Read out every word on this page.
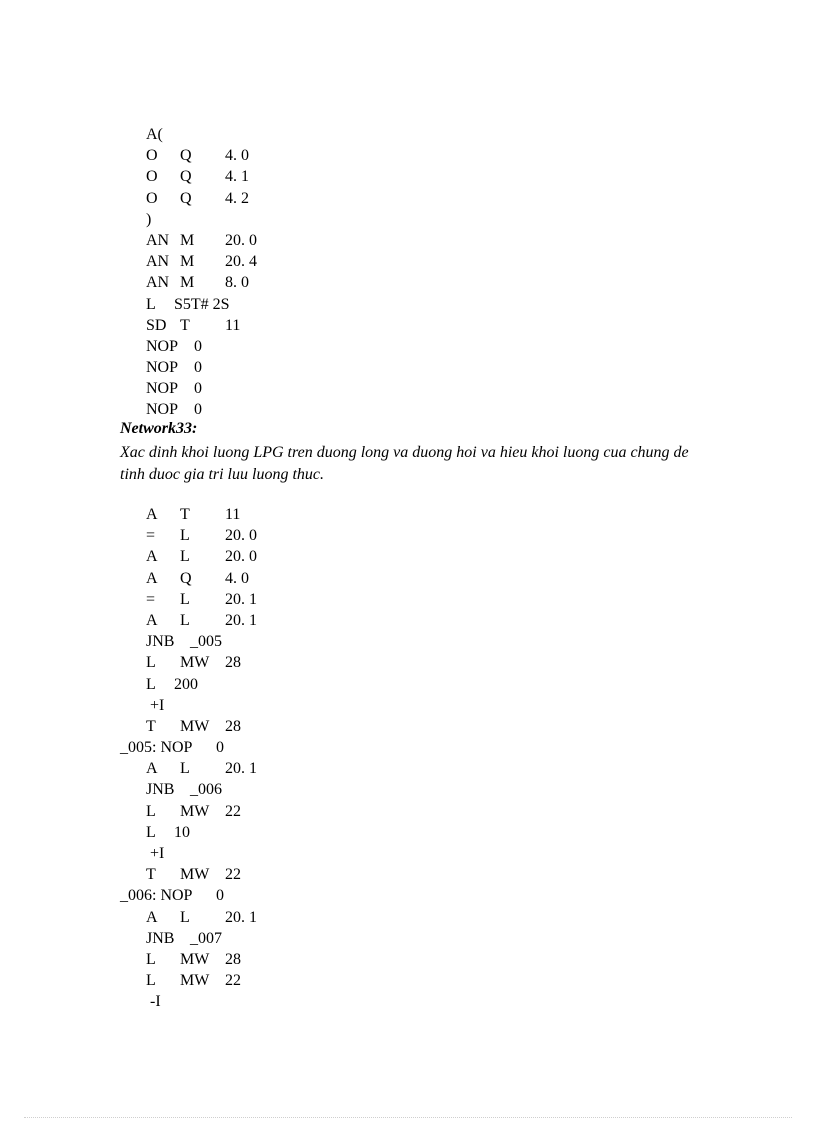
A(
O Q 4. 0
O Q 4. 1
O Q 4. 2
)
AN M 20. 0
AN M 20. 4
AN M 8. 0
L S5T# 2S
SD T 11
NOP 0
NOP 0
NOP 0
NOP 0
Network33:
Xac dinh khoi luong LPG tren duong long va duong hoi va hieu khoi luong cua chung de tinh duoc gia tri luu luong thuc.
A T 11
= L 20. 0
A L 20. 0
A Q 4. 0
= L 20. 1
A L 20. 1
JNB _005
L MW 28
L 200
+I
T MW 28
_005: NOP 0
A L 20. 1
JNB _006
L MW 22
L 10
+I
T MW 22
_006: NOP 0
A L 20. 1
JNB _007
L MW 28
L MW 22
-I
